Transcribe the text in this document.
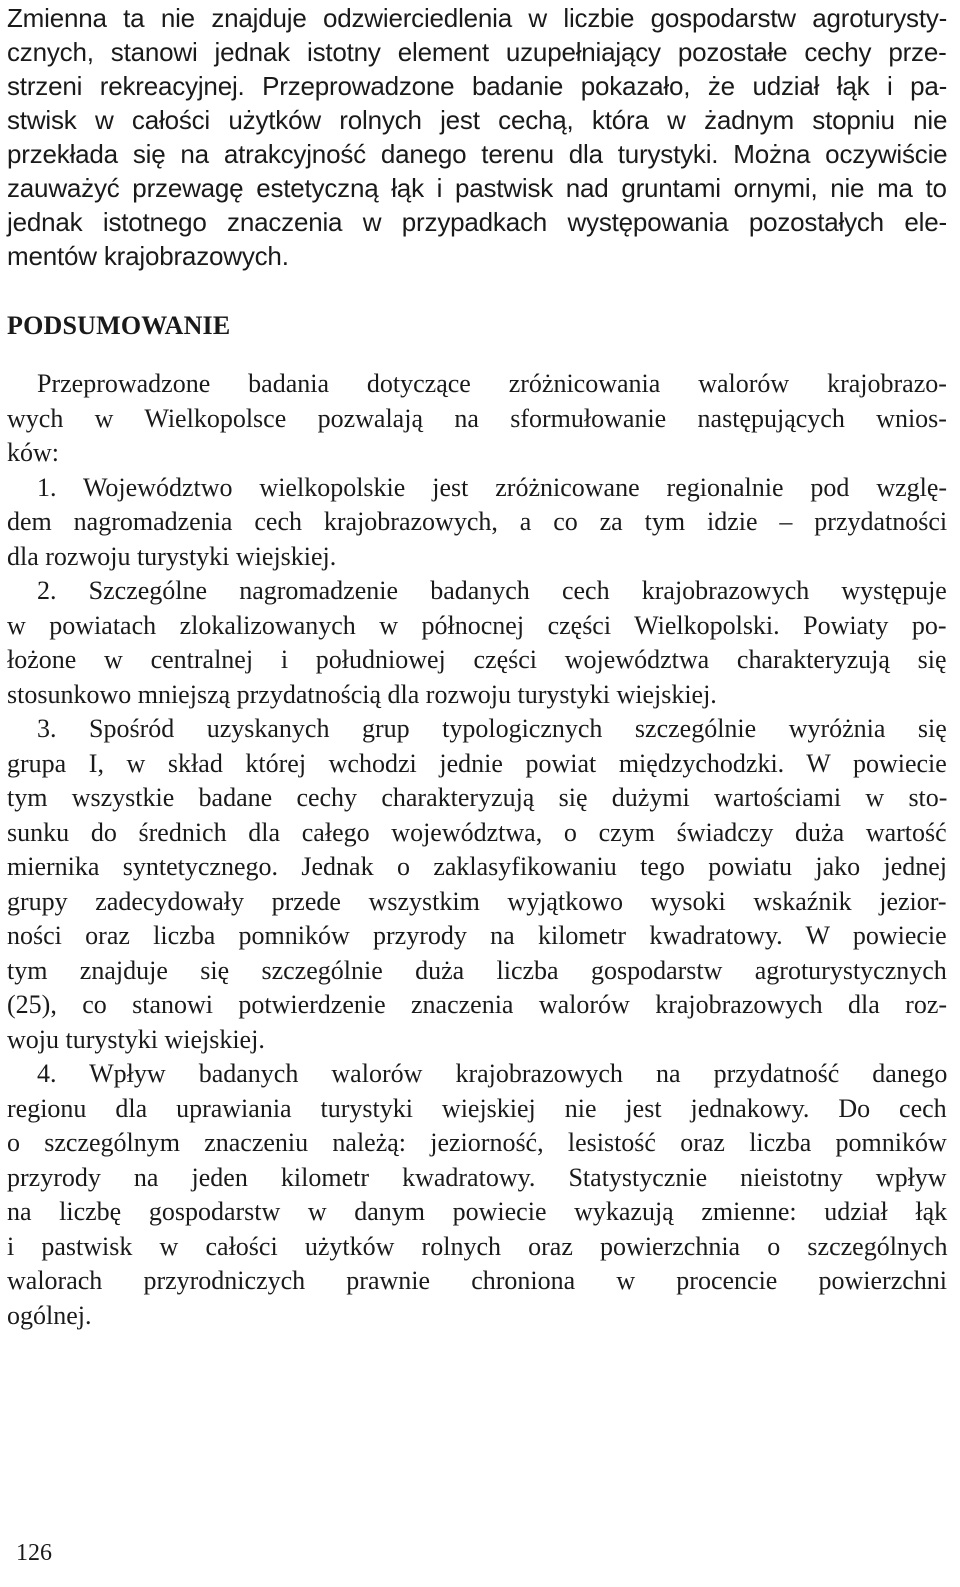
Zmienna ta nie znajduje odzwierciedlenia w liczbie gospodarstw agroturysty-
cznych, stanowi jednak istotny element uzupełniający pozostałe cechy prze-
strzeni rekreacyjnej. Przeprowadzone badanie pokazało, że udział łąk i pa-
stwisk w całości użytków rolnych jest cechą, która w żadnym stopniu nie
przekłada się na atrakcyjność danego terenu dla turystyki. Można oczywiście
zauważyć przewagę estetyczną łąk i pastwisk nad gruntami ornymi, nie ma to
jednak istotnego znaczenia w przypadkach występowania pozostałych ele-
mentów krajobrazowych.
PODSUMOWANIE
Przeprowadzone badania dotyczące zróżnicowania walorów krajobrazo-
wych w Wielkopolsce pozwalają na sformułowanie następujących wnios-
ków:
1. Województwo wielkopolskie jest zróżnicowane regionalnie pod wzglę-
dem nagromadzenia cech krajobrazowych, a co za tym idzie – przydatności
dla rozwoju turystyki wiejskiej.
2. Szczególne nagromadzenie badanych cech krajobrazowych występuje
w powiatach zlokalizowanych w północnej części Wielkopolski. Powiaty po-
łożone w centralnej i południowej części województwa charakteryzują się
stosunkowo mniejszą przydatnością dla rozwoju turystyki wiejskiej.
3. Spośród uzyskanych grup typologicznych szczególnie wyróżnia się
grupa I, w skład której wchodzi jednie powiat międzychodzki. W powiecie
tym wszystkie badane cechy charakteryzują się dużymi wartościami w sto-
sunku do średnich dla całego województwa, o czym świadczy duża wartość
miernika syntetycznego. Jednak o zaklasyfikowaniu tego powiatu jako jednej
grupy zadecydowały przede wszystkim wyjątkowo wysoki wskaźnik jezior-
ności oraz liczba pomników przyrody na kilometr kwadratowy. W powiecie
tym znajduje się szczególnie duża liczba gospodarstw agroturystycznych
(25), co stanowi potwierdzenie znaczenia walorów krajobrazowych dla roz-
woju turystyki wiejskiej.
4. Wpływ badanych walorów krajobrazowych na przydatność danego
regionu dla uprawiania turystyki wiejskiej nie jest jednakowy. Do cech
o szczególnym znaczeniu należą: jeziorność, lesistość oraz liczba pomników
przyrody na jeden kilometr kwadratowy. Statystycznie nieistotny wpływ
na liczbę gospodarstw w danym powiecie wykazują zmienne: udział łąk
i pastwisk w całości użytków rolnych oraz powierzchnia o szczególnych
walorach przyrodniczych prawnie chroniona w procencie powierzchni
ogólnej.
126
